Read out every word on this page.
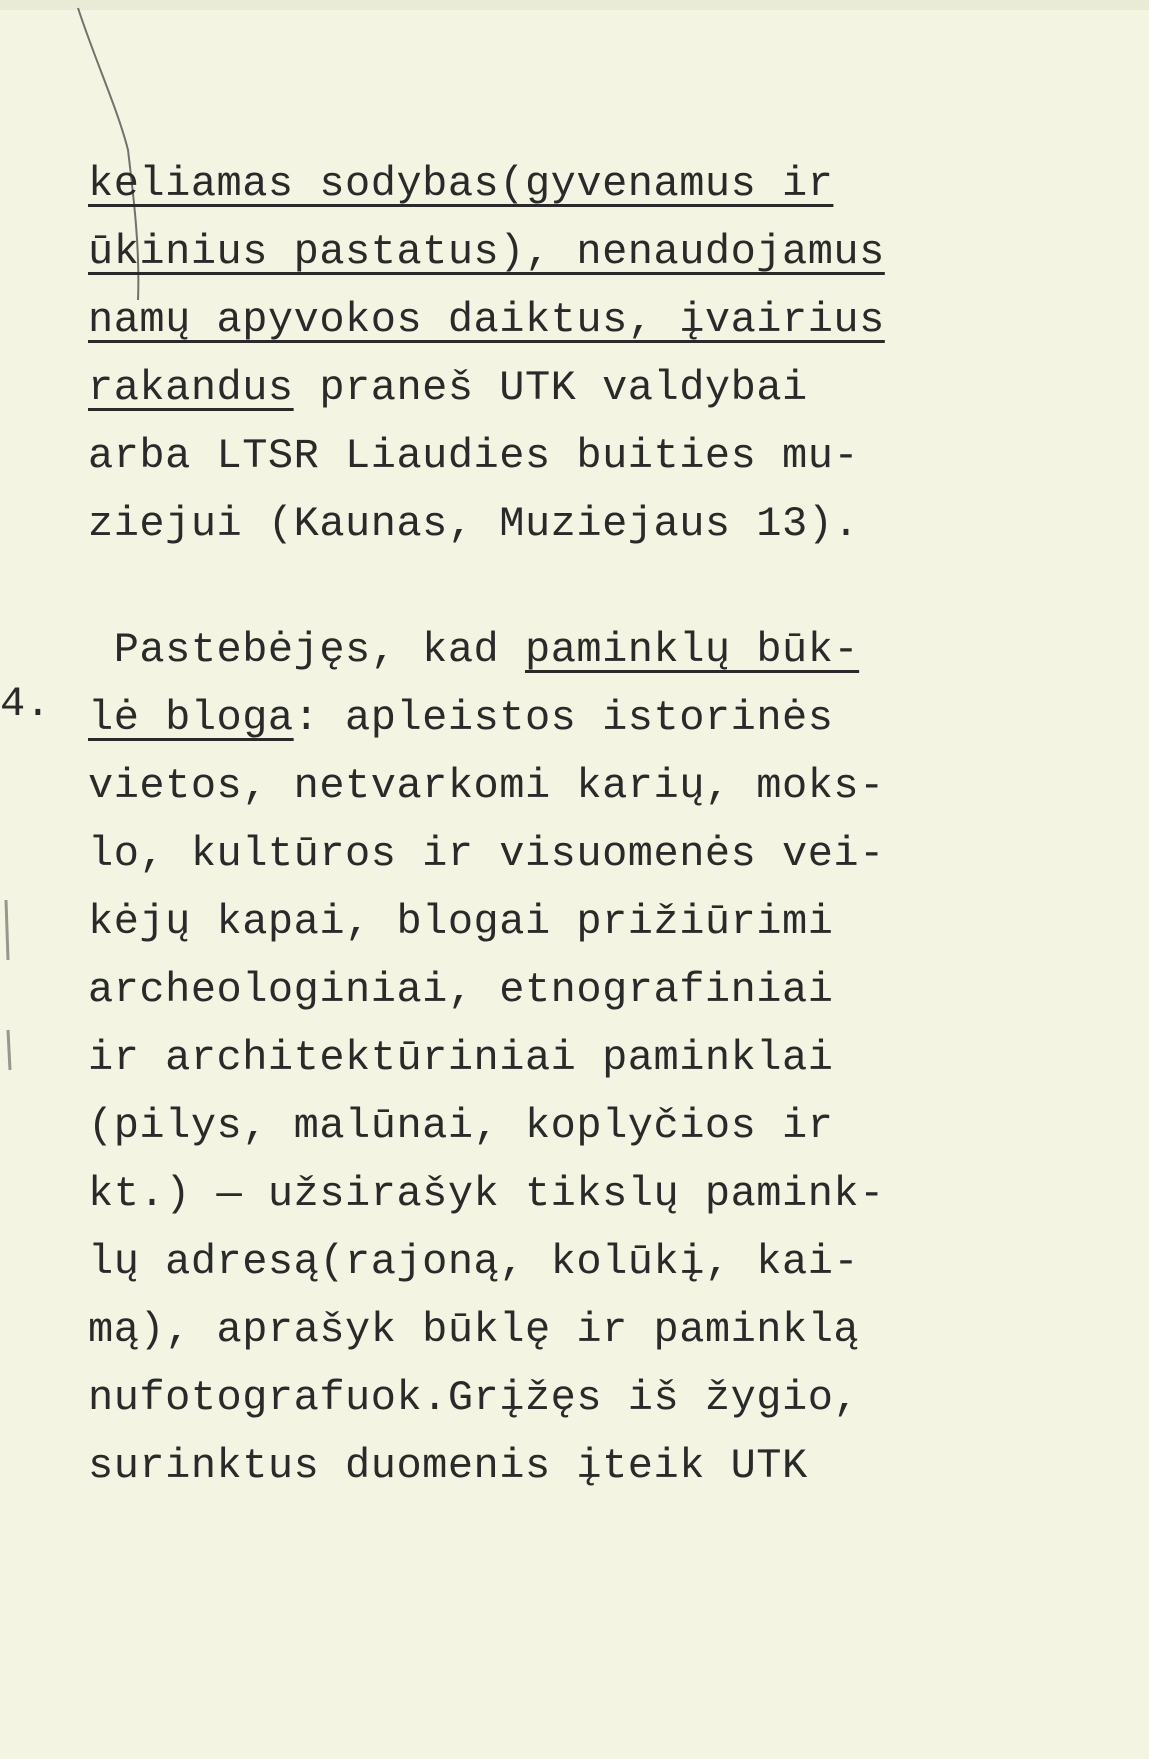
keliamas sodybas(gyvenamus ir
ūkinius pastatus), nenaudojamus
namų apyvokos daiktus, įvairius
rakandus praneš UTK valdybai
arba LTSR Liaudies buities mu-
ziejui (Kaunas, Muziejaus 13).
Pastebėjęs, kad paminklų būk-
lė bloga: apleistos istorinės
vietos, netvarkomi karių, moks-
lo, kultūros ir visuomenės vei-
kėjų kapai, blogai prižiūrimi
archeologiniai, etnografiniai
ir architektūriniai paminklai
(pilys, malūnai, koplyčios ir
kt.) — užsirašyk tikslų pamink-
lų adresą(rajoną, kolūkį, kai-
mą), aprašyk būklę ir paminklą
nufotografuok.Grįžęs iš žygio,
surinktus duomenis įteik UTK
4.
